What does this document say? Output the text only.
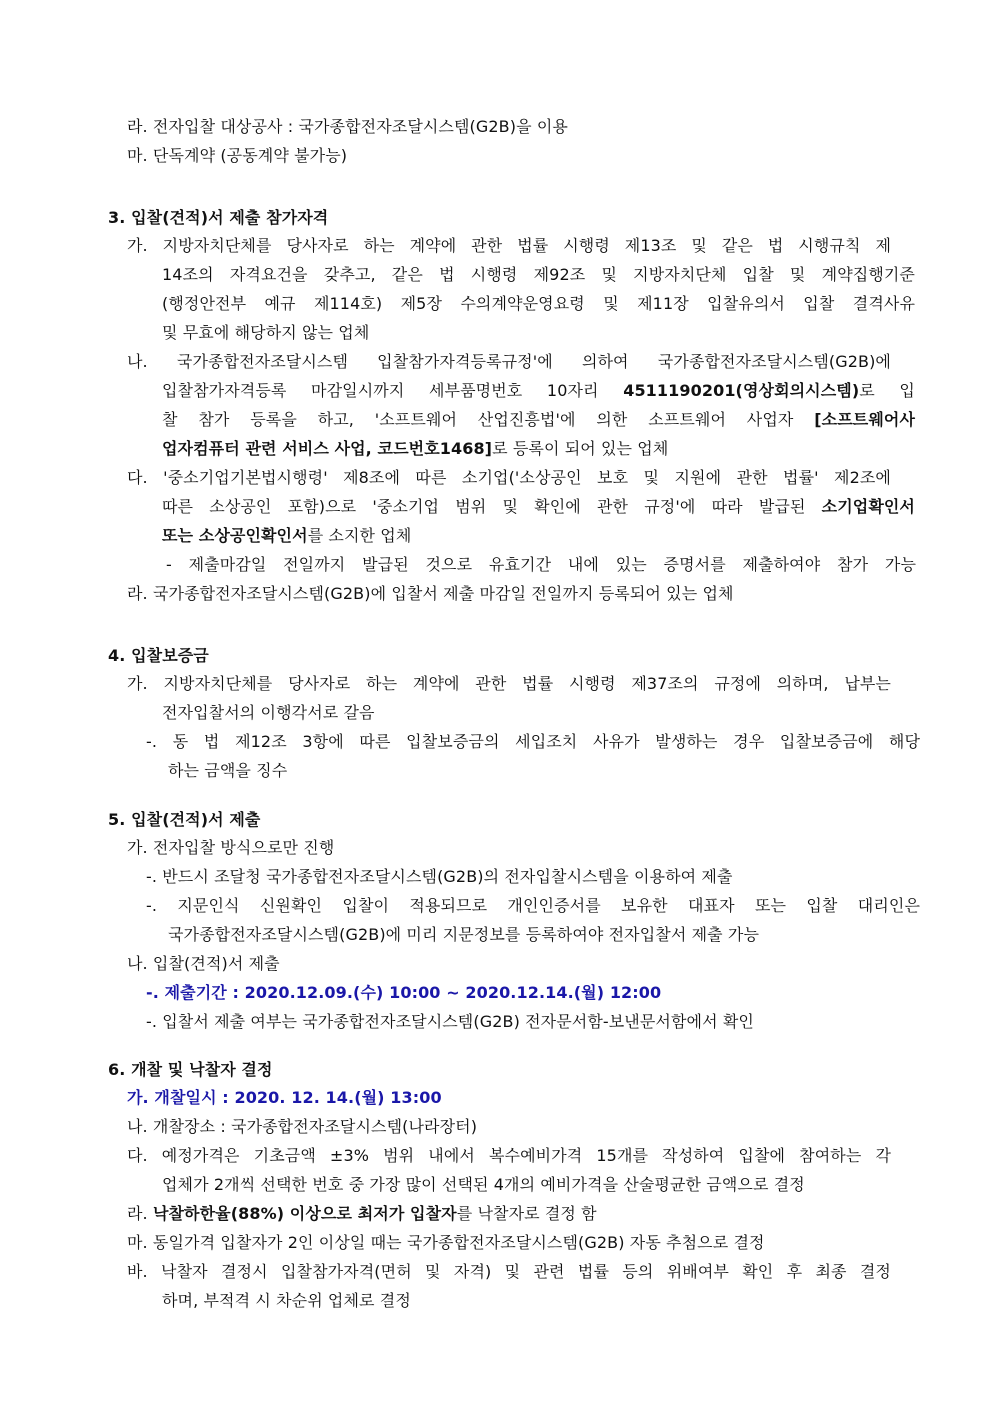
라. 전자입찰 대상공사 : 국가종합전자조달시스템(G2B)을 이용
마. 단독계약 (공동계약 불가능)
3. 입찰(견적)서 제출 참가자격
가. 지방자치단체를 당사자로 하는 계약에 관한 법률 시행령 제13조 및 같은 법 시행규칙 제
14조의 자격요건을 갖추고, 같은 법 시행령 제92조 및 지방자치단체 입찰 및 계약집행기준
(행정안전부 예규 제114호) 제5장 수의계약운영요령 및 제11장 입찰유의서 입찰 결격사유
및 무효에 해당하지 않는 업체
나. 국가종합전자조달시스템 입찰참가자격등록규정'에 의하여 국가종합전자조달시스템(G2B)에
입찰참가자격등록 마감일시까지 세부품명번호 10자리 4511190201(영상회의시스템)로 입
찰 참가 등록을 하고, '소프트웨어 산업진흥법'에 의한 소프트웨어 사업자 [소프트웨어사
업자컴퓨터 관련 서비스 사업, 코드번호1468]로 등록이 되어 있는 업체
다. '중소기업기본법시행령' 제8조에 따른 소기업('소상공인 보호 및 지원에 관한 법률' 제2조에
따른 소상공인 포함)으로 '중소기업 범위 및 확인에 관한 규정'에 따라 발급된 소기업확인서
또는 소상공인확인서를 소지한 업체
- 제출마감일 전일까지 발급된 것으로 유효기간 내에 있는 증명서를 제출하여야 참가 가능
라. 국가종합전자조달시스템(G2B)에 입찰서 제출 마감일 전일까지 등록되어 있는 업체
4. 입찰보증금
가. 지방자치단체를 당사자로 하는 계약에 관한 법률 시행령 제37조의 규정에 의하며, 납부는
전자입찰서의 이행각서로 갈음
-. 동 법 제12조 3항에 따른 입찰보증금의 세입조치 사유가 발생하는 경우 입찰보증금에 해당
하는 금액을 징수
5. 입찰(견적)서 제출
가. 전자입찰 방식으로만 진행
-. 반드시 조달청 국가종합전자조달시스템(G2B)의 전자입찰시스템을 이용하여 제출
-. 지문인식 신원확인 입찰이 적용되므로 개인인증서를 보유한 대표자 또는 입찰 대리인은
국가종합전자조달시스템(G2B)에 미리 지문정보를 등록하여야 전자입찰서 제출 가능
나. 입찰(견적)서 제출
-. 제출기간 : 2020.12.09.(수) 10:00 ~ 2020.12.14.(월) 12:00
-. 입찰서 제출 여부는 국가종합전자조달시스템(G2B) 전자문서함-보낸문서함에서 확인
6. 개찰 및 낙찰자 결정
가. 개찰일시 : 2020. 12. 14.(월) 13:00
나. 개찰장소 : 국가종합전자조달시스템(나라장터)
다. 예정가격은 기초금액 ±3% 범위 내에서 복수예비가격 15개를 작성하여 입찰에 참여하는 각
업체가 2개씩 선택한 번호 중 가장 많이 선택된 4개의 예비가격을 산술평균한 금액으로 결정
라. 낙찰하한율(88%) 이상으로 최저가 입찰자를 낙찰자로 결정 함
마. 동일가격 입찰자가 2인 이상일 때는 국가종합전자조달시스템(G2B) 자동 추첨으로 결정
바. 낙찰자 결정시 입찰참가자격(면허 및 자격) 및 관련 법률 등의 위배여부 확인 후 최종 결정
하며, 부적격 시 차순위 업체로 결정
